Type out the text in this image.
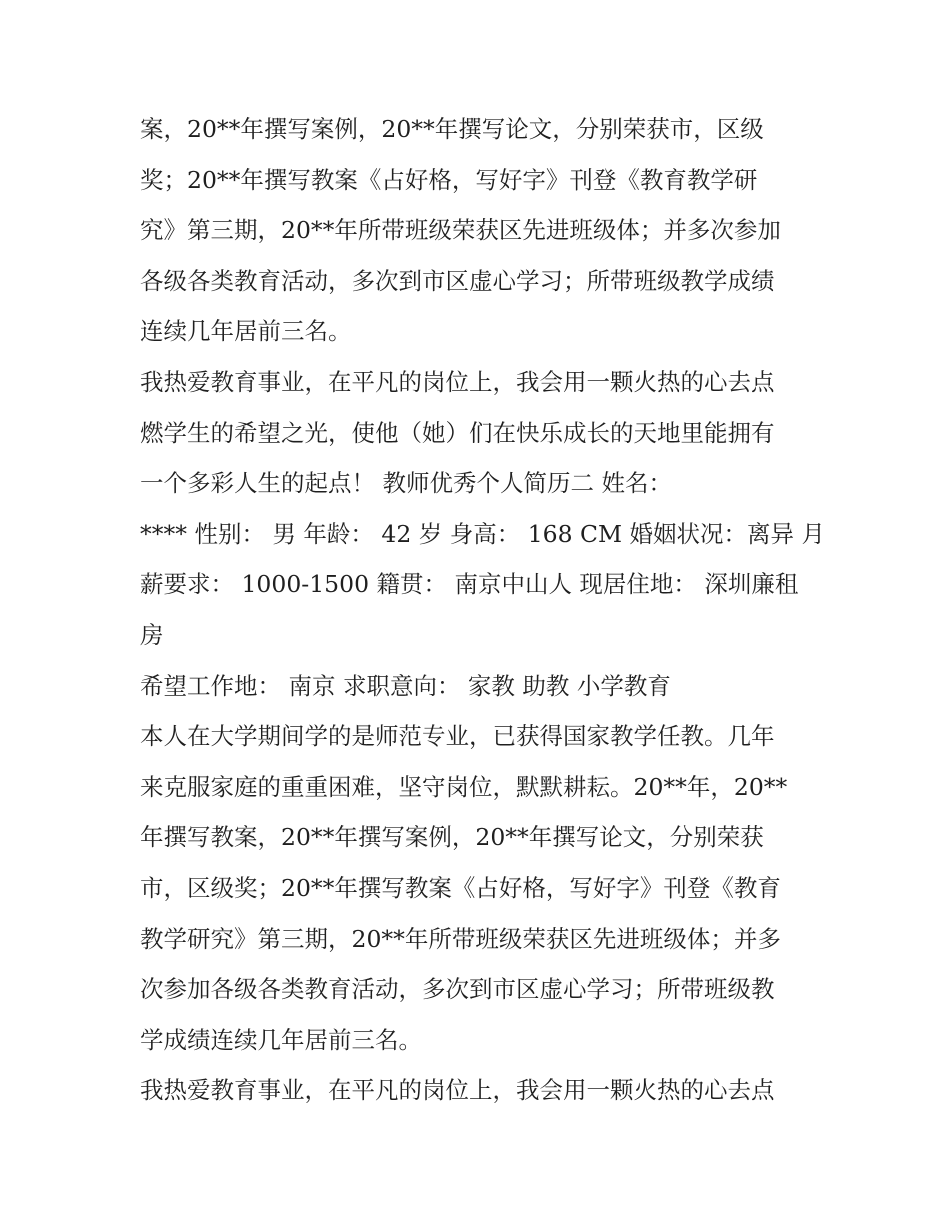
案，20**年撰写案例，20**年撰写论文，分别荣获市，区级
奖；20**年撰写教案《占好格，写好字》刊登《教育教学研
究》第三期，20**年所带班级荣获区先进班级体；并多次参加
各级各类教育活动，多次到市区虚心学习；所带班级教学成绩
连续几年居前三名。
我热爱教育事业，在平凡的岗位上，我会用一颗火热的心去点
燃学生的希望之光，使他（她）们在快乐成长的天地里能拥有
一个多彩人生的起点！ 教师优秀个人简历二 姓名：
**** 性别： 男 年龄： 42 岁 身高： 168 CM 婚姻状况：离异 月
薪要求： 1000-1500 籍贯： 南京中山人 现居住地： 深圳廉租
房
希望工作地： 南京 求职意向： 家教 助教 小学教育
本人在大学期间学的是师范专业，已获得国家教学任教。几年
来克服家庭的重重困难，坚守岗位，默默耕耘。20**年，20**
年撰写教案，20**年撰写案例，20**年撰写论文，分别荣获
市，区级奖；20**年撰写教案《占好格，写好字》刊登《教育
教学研究》第三期，20**年所带班级荣获区先进班级体；并多
次参加各级各类教育活动，多次到市区虚心学习；所带班级教
学成绩连续几年居前三名。
我热爱教育事业，在平凡的岗位上，我会用一颗火热的心去点
